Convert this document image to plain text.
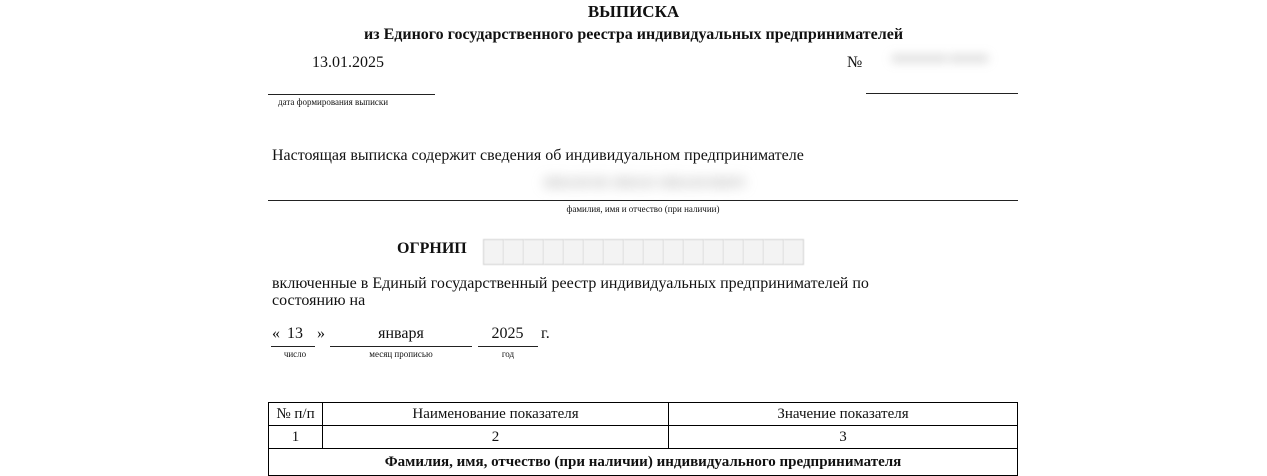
ВЫПИСКА
из Единого государственного реестра индивидуальных предпринимателей
13.01.2025
дата формирования выписки
№	0000000000 0000000
Настоящая выписка содержит сведения об индивидуальном предпринимателе
ИВАНОВ ИВАН ИВАНОВИЧ
фамилия, имя и отчество (при наличии)
ОГРНИП
включенные в Единый государственный реестр индивидуальных предпринимателей по
состоянию на
« 13 »	января	2025	г.
число	месяц прописью	год
№ п/п	Наименование показателя	Значение показателя
1	2	3
Фамилия, имя, отчество (при наличии) индивидуального предпринимателя		
